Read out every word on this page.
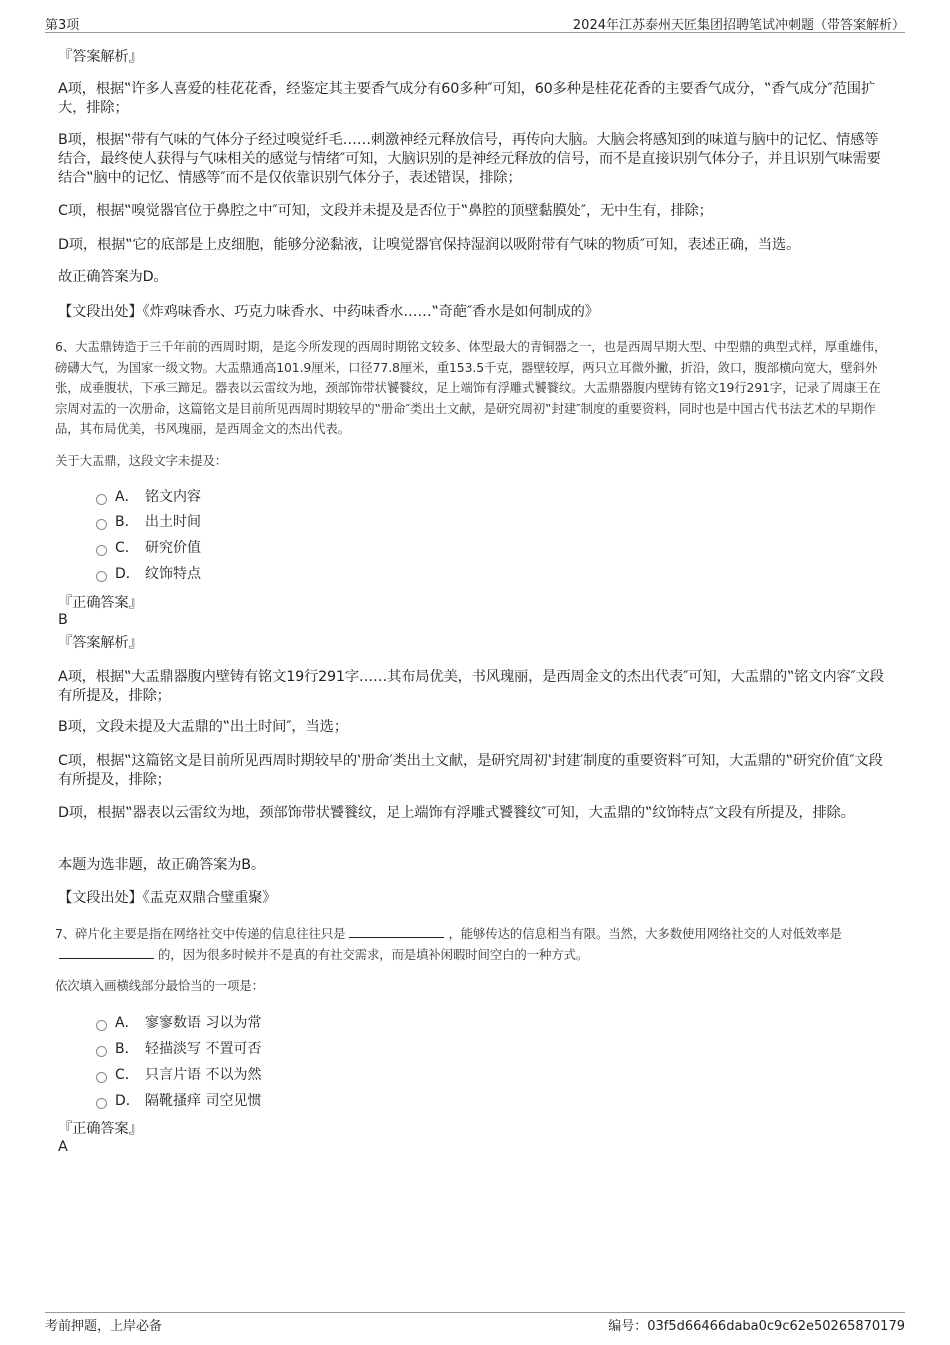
第3项	2024年江苏泰州天匠集团招聘笔试冲刺题（带答案解析）
『答案解析』
A项，根据‟许多人喜爱的桂花花香，经鉴定其主要香气成分有60多种″可知，60多种是桂花花香的主要香气成分，‟香气成分″范围扩大，排除；
B项，根据‟带有气味的气体分子经过嗅觉纤毛……刺激神经元释放信号，再传向大脑。大脑会将感知到的味道与脑中的记忆、情感等结合，最终使人获得与气味相关的感觉与情绪″可知，大脑识别的是神经元释放的信号，而不是直接识别气体分子，并且识别气味需要结合‟脑中的记忆、情感等″而不是仅依靠识别气体分子，表述错误，排除；
C项，根据‟嗅觉器官位于鼻腔之中″可知，文段并未提及是否位于‟鼻腔的顶壁黏膜处″，无中生有，排除；
D项，根据‟它的底部是上皮细胞，能够分泌黏液，让嗅觉器官保持湿润以吸附带有气味的物质″可知，表述正确，当选。
故正确答案为D。
【文段出处】《炸鸡味香水、巧克力味香水、中药味香水……‟奇葩″香水是如何制成的》
6、大盂鼎铸造于三千年前的西周时期，是迄今所发现的西周时期铭文较多、体型最大的青铜器之一，也是西周早期大型、中型鼎的典型式样，厚重雄伟，磅礴大气，为国家一级文物。大盂鼎通高101.9厘米，口径77.8厘米，重153.5千克，器壁较厚，两只立耳微外撇，折沿，敛口，腹部横向宽大，壁斜外张，成垂腹状，下承三蹄足。器表以云雷纹为地，颈部饰带状饕餮纹，足上端饰有浮雕式饕餮纹。大盂鼎器腹内壁铸有铭文19行291字，记录了周康王在宗周对盂的一次册命，这篇铭文是目前所见西周时期较早的‟册命″类出土文献，是研究周初‟封建″制度的重要资料，同时也是中国古代书法艺术的早期作品，其布局优美，书风瑰丽，是西周金文的杰出代表。
关于大盂鼎，这段文字未提及：
A． 铭文内容
B． 出土时间
C． 研究价值
D． 纹饰特点
『正确答案』
B
『答案解析』
A项，根据‟大盂鼎器腹内壁铸有铭文19行291字……其布局优美，书风瑰丽，是西周金文的杰出代表″可知，大盂鼎的‟铭文内容″文段有所提及，排除；
B项，文段未提及大盂鼎的‟出土时间″，当选；
C项，根据‟这篇铭文是目前所见西周时期较早的‛册命′类出土文献，是研究周初‛封建′制度的重要资料″可知，大盂鼎的‟研究价值″文段有所提及，排除；
D项，根据‟器表以云雷纹为地，颈部饰带状饕餮纹，足上端饰有浮雕式饕餮纹″可知，大盂鼎的‟纹饰特点″文段有所提及，排除。
本题为选非题，故正确答案为B。
【文段出处】《盂克双鼎合璧重聚》
7、碎片化主要是指在网络社交中传递的信息往往只是	，能够传达的信息相当有限。当然，大多数使用网络社交的人对低效率是的，因为很多时候并不是真的有社交需求，而是填补闲暇时间空白的一种方式。
依次填入画横线部分最恰当的一项是：
A． 寥寥数语 习以为常
B． 轻描淡写 不置可否
C． 只言片语 不以为然
D． 隔靴搔痒 司空见惯
『正确答案』
A
考前押题，上岸必备	编号：03f5d66466daba0c9c62e50265870179
